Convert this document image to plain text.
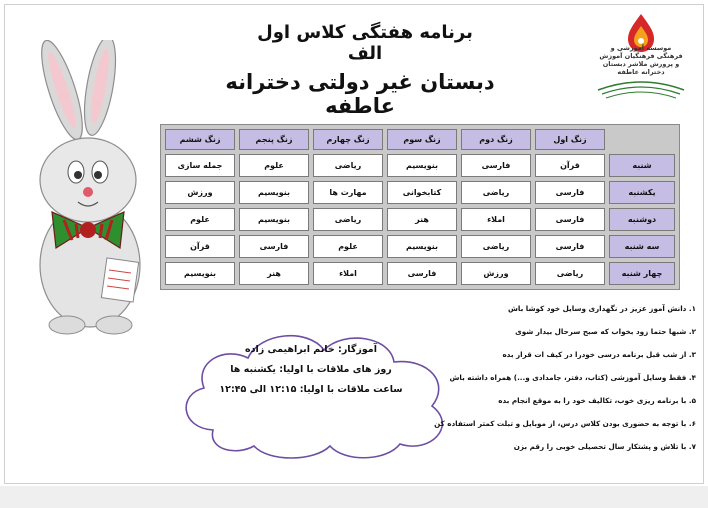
برنامه هفتگی کلاس اول الف
دبستان غیر دولتی دخترانه عاطفه
موسسه آموزشی و فرهنگی فرهنگیان آموزش و پرورش ملاشر دبستان دخترانه عاطفه
	زنگ اول	زنگ دوم	زنگ سوم	زنگ چهارم	زنگ پنجم	زنگ ششم
شنبه	قرآن	فارسی	بنویسیم	ریاضی	علوم	جمله سازی
یکشنبه	فارسی	ریاضی	کتابخوانی	مهارت ها	بنویسیم	ورزش
دوشنبه	فارسی	املاء	هنر	ریاضی	بنویسیم	علوم
سه شنبه	فارسی	ریاضی	بنویسیم	علوم	فارسی	قرآن
چهار شنبه	ریاضی	ورزش	فارسی	املاء	هنر	بنویسیم
آموزگار: خانم ابراهیمی زاده
روز های ملاقات با اولیا: یکشنبه ها
ساعت ملاقات با اولیا: ۱۲:۱۵ الی ۱۲:۴۵
۱. دانش آموز عزیز در نگهداری وسایل خود کوشا باش
۲. شبها حتما زود بخواب که صبح سرحال بیدار شوی
۳. از شب قبل برنامه درسی خودرا در کیف ات قرار بده
۴. فقط وسایل آموزشی (کتاب، دفتر، جامدادی و...) همراه داشته باش
۵. با برنامه ریزی خوب، تکالیف خود را به موقع انجام بده
۶. با توجه به حضوری بودن کلاس درس، از موبایل و تبلت کمتر استفاده کن
۷. با تلاش و پشتکار سال تحصیلی خوبی را رقم بزن
